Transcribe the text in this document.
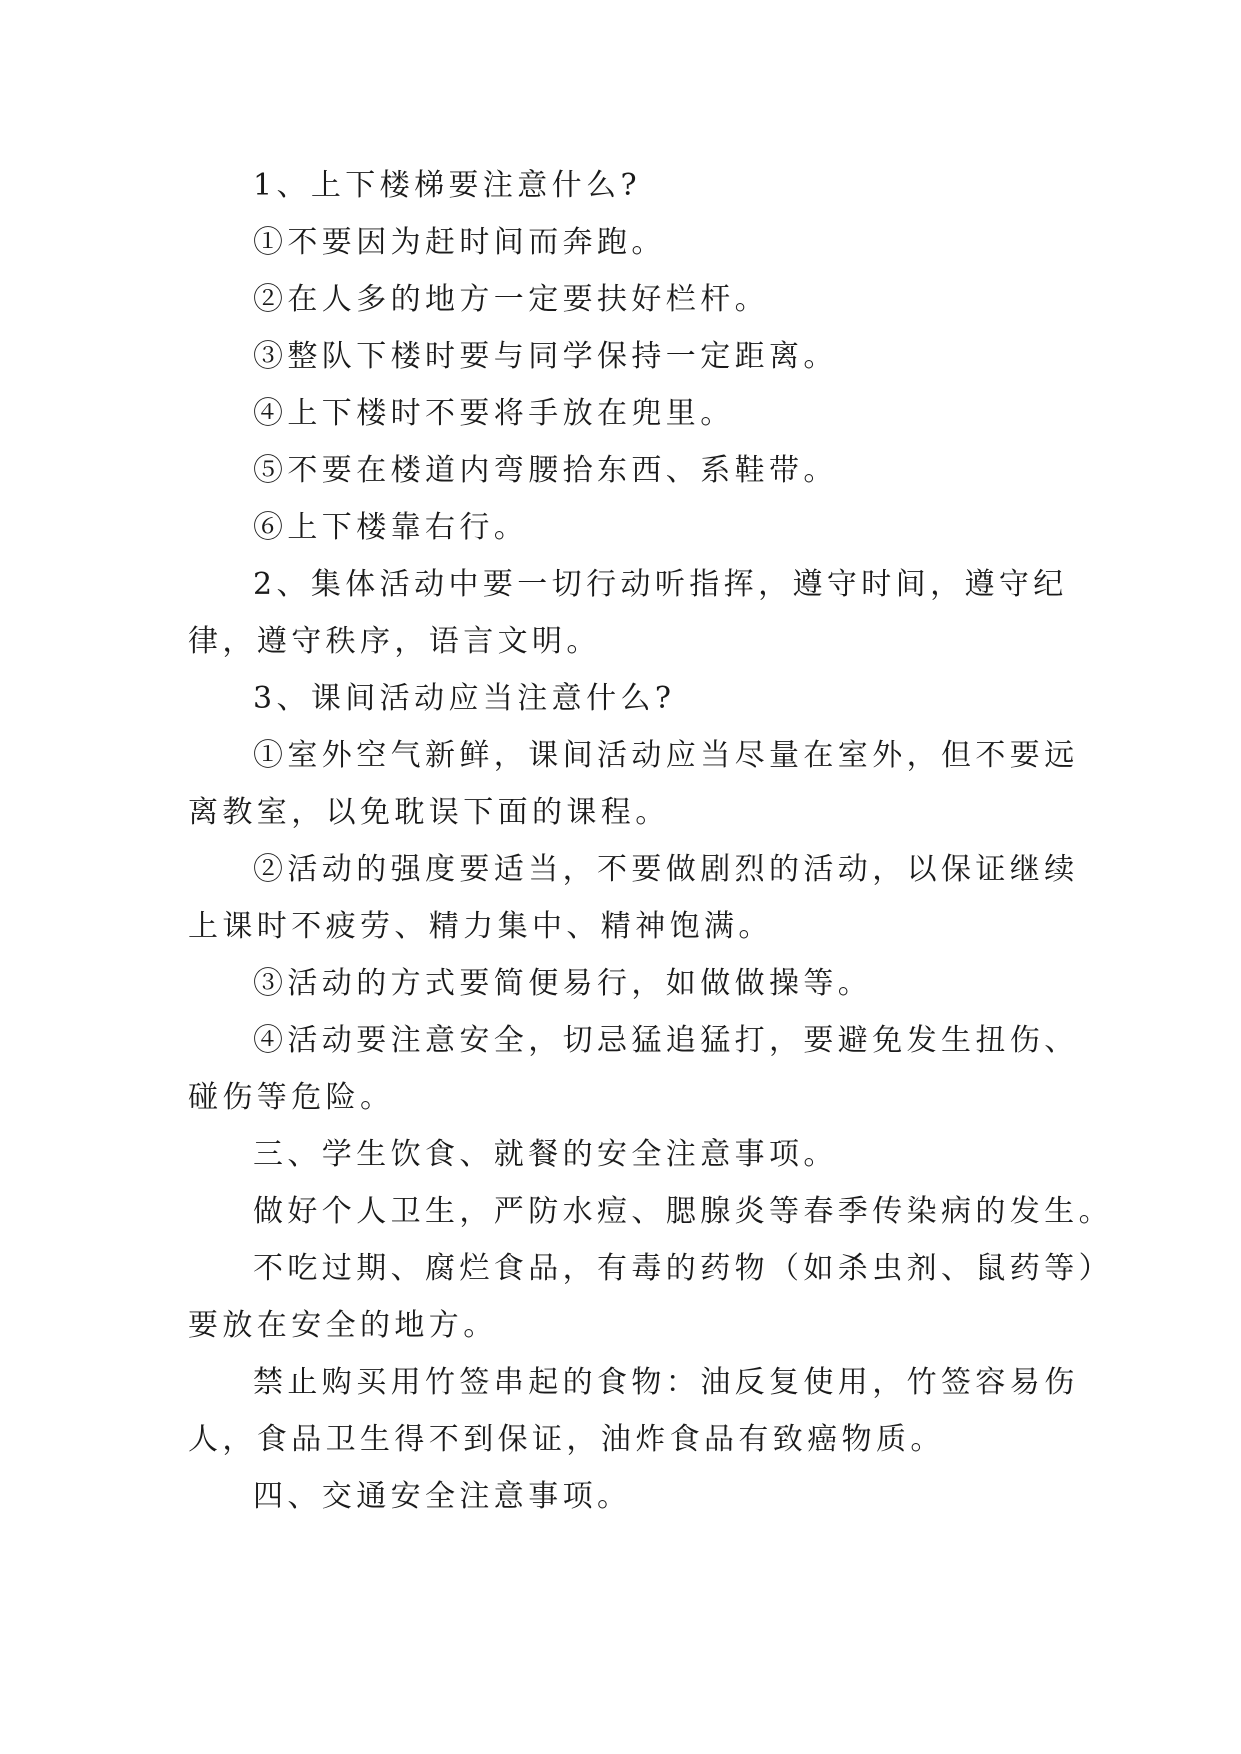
1、上下楼梯要注意什么?
①不要因为赶时间而奔跑。
②在人多的地方一定要扶好栏杆。
③整队下楼时要与同学保持一定距离。
④上下楼时不要将手放在兜里。
⑤不要在楼道内弯腰拾东西、系鞋带。
⑥上下楼靠右行。
2、集体活动中要一切行动听指挥，遵守时间，遵守纪
律，遵守秩序，语言文明。
3、课间活动应当注意什么?
①室外空气新鲜，课间活动应当尽量在室外，但不要远
离教室，以免耽误下面的课程。
②活动的强度要适当，不要做剧烈的活动，以保证继续
上课时不疲劳、精力集中、精神饱满。
③活动的方式要简便易行，如做做操等。
④活动要注意安全，切忌猛追猛打，要避免发生扭伤、
碰伤等危险。
三、学生饮食、就餐的安全注意事项。
做好个人卫生，严防水痘、腮腺炎等春季传染病的发生。
不吃过期、腐烂食品，有毒的药物（如杀虫剂、鼠药等）
要放在安全的地方。
禁止购买用竹签串起的食物：油反复使用，竹签容易伤
人，食品卫生得不到保证，油炸食品有致癌物质。
四、交通安全注意事项。
